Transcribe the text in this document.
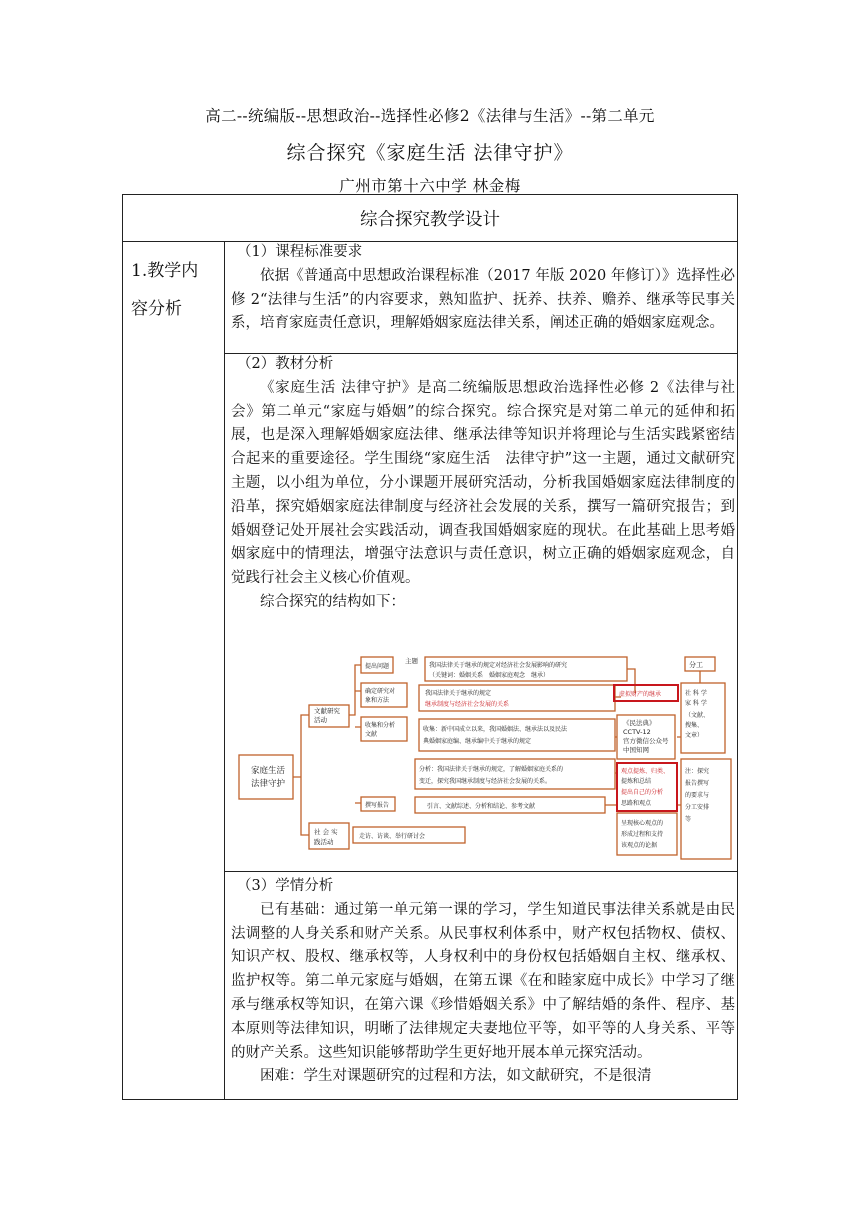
高二--统编版--思想政治--选择性必修2《法律与生活》--第二单元
综合探究《家庭生活 法律守护》
广州市第十六中学 林金梅
综合探究教学设计
1.教学内
容分析

（1）课程标准要求

依据《普通高中思想政治课程标准（2017 年版 2020 年修订）》选择性必修 2“法律与生活”的内容要求，熟知监护、抚养、扶养、赡养、继承等民事关系，培育家庭责任意识，理解婚姻家庭法律关系，阐述正确的婚姻家庭观念。

（2）教材分析

《家庭生活 法律守护》是高二统编版思想政治选择性必修 2《法律与社会》第二单元“家庭与婚姻”的综合探究。综合探究是对第二单元的延伸和拓展，也是深入理解婚姻家庭法律、继承法律等知识并将理论与生活实践紧密结合起来的重要途径。学生围绕“家庭生活　法律守护”这一主题，通过文献研究主题，以小组为单位，分小课题开展研究活动，分析我国婚姻家庭法律制度的沿革，探究婚姻家庭法律制度与经济社会发展的关系，撰写一篇研究报告；到婚姻登记处开展社会实践活动，调查我国婚姻家庭的现状。在此基础上思考婚姻家庭中的情理法，增强守法意识与责任意识，树立正确的婚姻家庭观念，自觉践行社会主义核心价值观。

综合探究的结构如下：

家庭生活
法律守护
文献研究
活动
社 会 实
践活动
主题
提出问题
确定研究对
象和方法
收集和分析
文献
撰写报告
我国法律关于继承的规定对经济社会发展影响的研究
（关键词：婚姻关系　婚姻家庭观念　继承）
我国法律关于继承的规定
继承制度与经济社会发展的关系
收集：新中国成立以来，我国婚姻法、继承法以及民法
典婚姻家庭编、继承编中关于继承的规定
分析：我国法律关于继承的规定，了解婚姻家庭关系的
变迁，探究我国继承制度与经济社会发展的关系。
引言、文献综述、分析和结论、参考文献
走访、访谈、举行研讨会
虚拟财产的继承
《民法典》
CCTV-12
官方微信公众号
中国知网
观点提炼、归类、
提炼和总结
提出自己的分析
思路和观点
呈现核心观点的
形成过程和支持
该观点的论据
分工
社 科 学
家 科 学
（文献、
搜集、
文章）
注：探究
报告撰写
的要求与
分工安排
等

（3）学情分析

已有基础：通过第一单元第一课的学习，学生知道民事法律关系就是由民法调整的人身关系和财产关系。从民事权利体系中，财产权包括物权、债权、知识产权、股权、继承权等，人身权利中的身份权包括婚姻自主权、继承权、监护权等。第二单元家庭与婚姻，在第五课《在和睦家庭中成长》中学习了继承与继承权等知识，在第六课《珍惜婚姻关系》中了解结婚的条件、程序、基本原则等法律知识，明晰了法律规定夫妻地位平等，如平等的人身关系、平等的财产关系。这些知识能够帮助学生更好地开展本单元探究活动。

困难：学生对课题研究的过程和方法，如文献研究，不是很清
